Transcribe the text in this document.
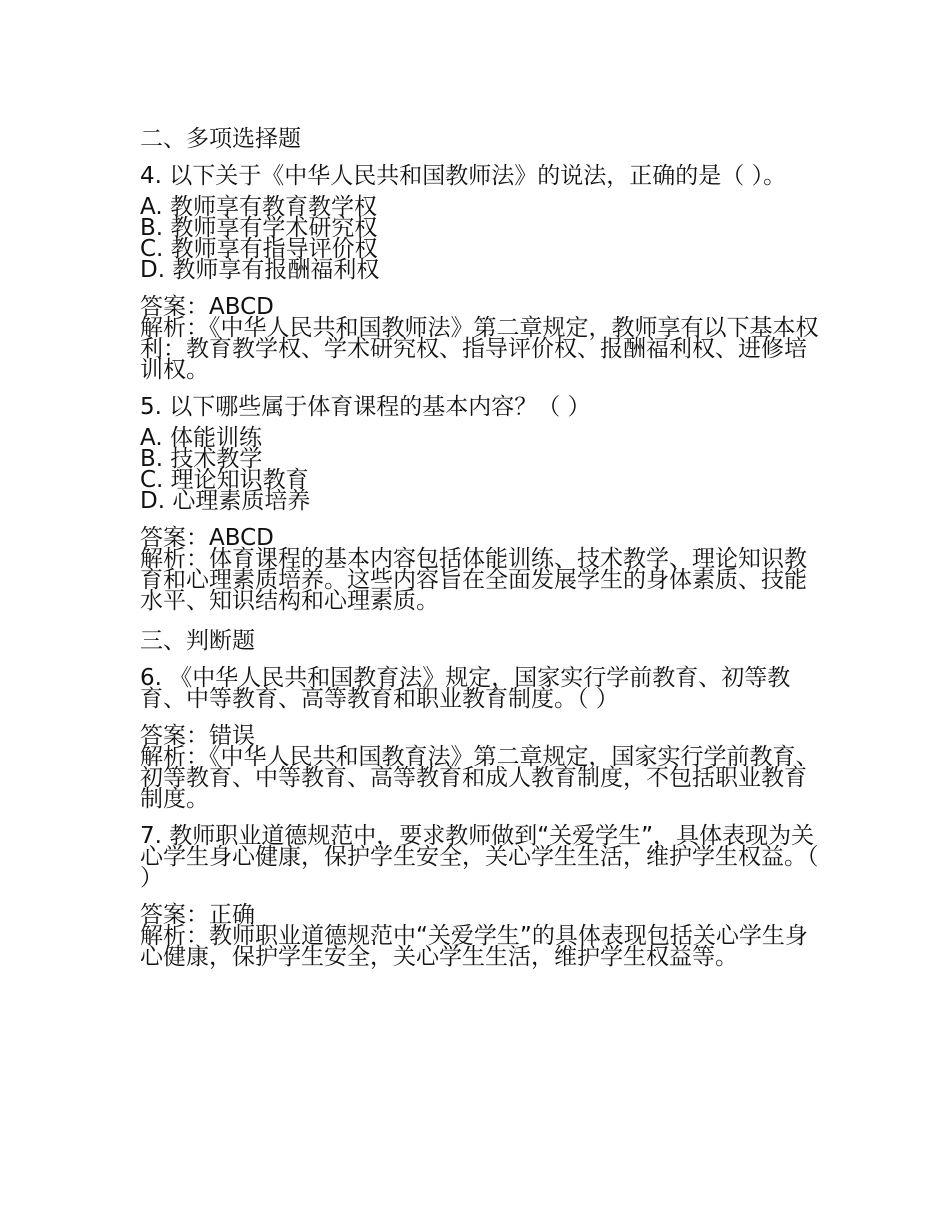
二、多项选择题
4. 以下关于《中华人民共和国教师法》的说法，正确的是（ ）。
A. 教师享有教育教学权
B. 教师享有学术研究权
C. 教师享有指导评价权
D. 教师享有报酬福利权
答案：ABCD
解析：《中华人民共和国教师法》第二章规定，教师享有以下基本权利：教育教学权、学术研究权、指导评价权、报酬福利权、进修培训权。
5. 以下哪些属于体育课程的基本内容？（ ）
A. 体能训练
B. 技术教学
C. 理论知识教育
D. 心理素质培养
答案：ABCD
解析：体育课程的基本内容包括体能训练、技术教学、理论知识教育和心理素质培养。这些内容旨在全面发展学生的身体素质、技能水平、知识结构和心理素质。
三、判断题
6. 《中华人民共和国教育法》规定，国家实行学前教育、初等教育、中等教育、高等教育和职业教育制度。（ ）
答案：错误
解析：《中华人民共和国教育法》第二章规定，国家实行学前教育、初等教育、中等教育、高等教育和成人教育制度，不包括职业教育制度。
7. 教师职业道德规范中，要求教师做到“关爱学生”，具体表现为关心学生身心健康，保护学生安全，关心学生生活，维护学生权益。（ ）
答案：正确
解析：教师职业道德规范中“关爱学生”的具体表现包括关心学生身心健康，保护学生安全，关心学生生活，维护学生权益等。
